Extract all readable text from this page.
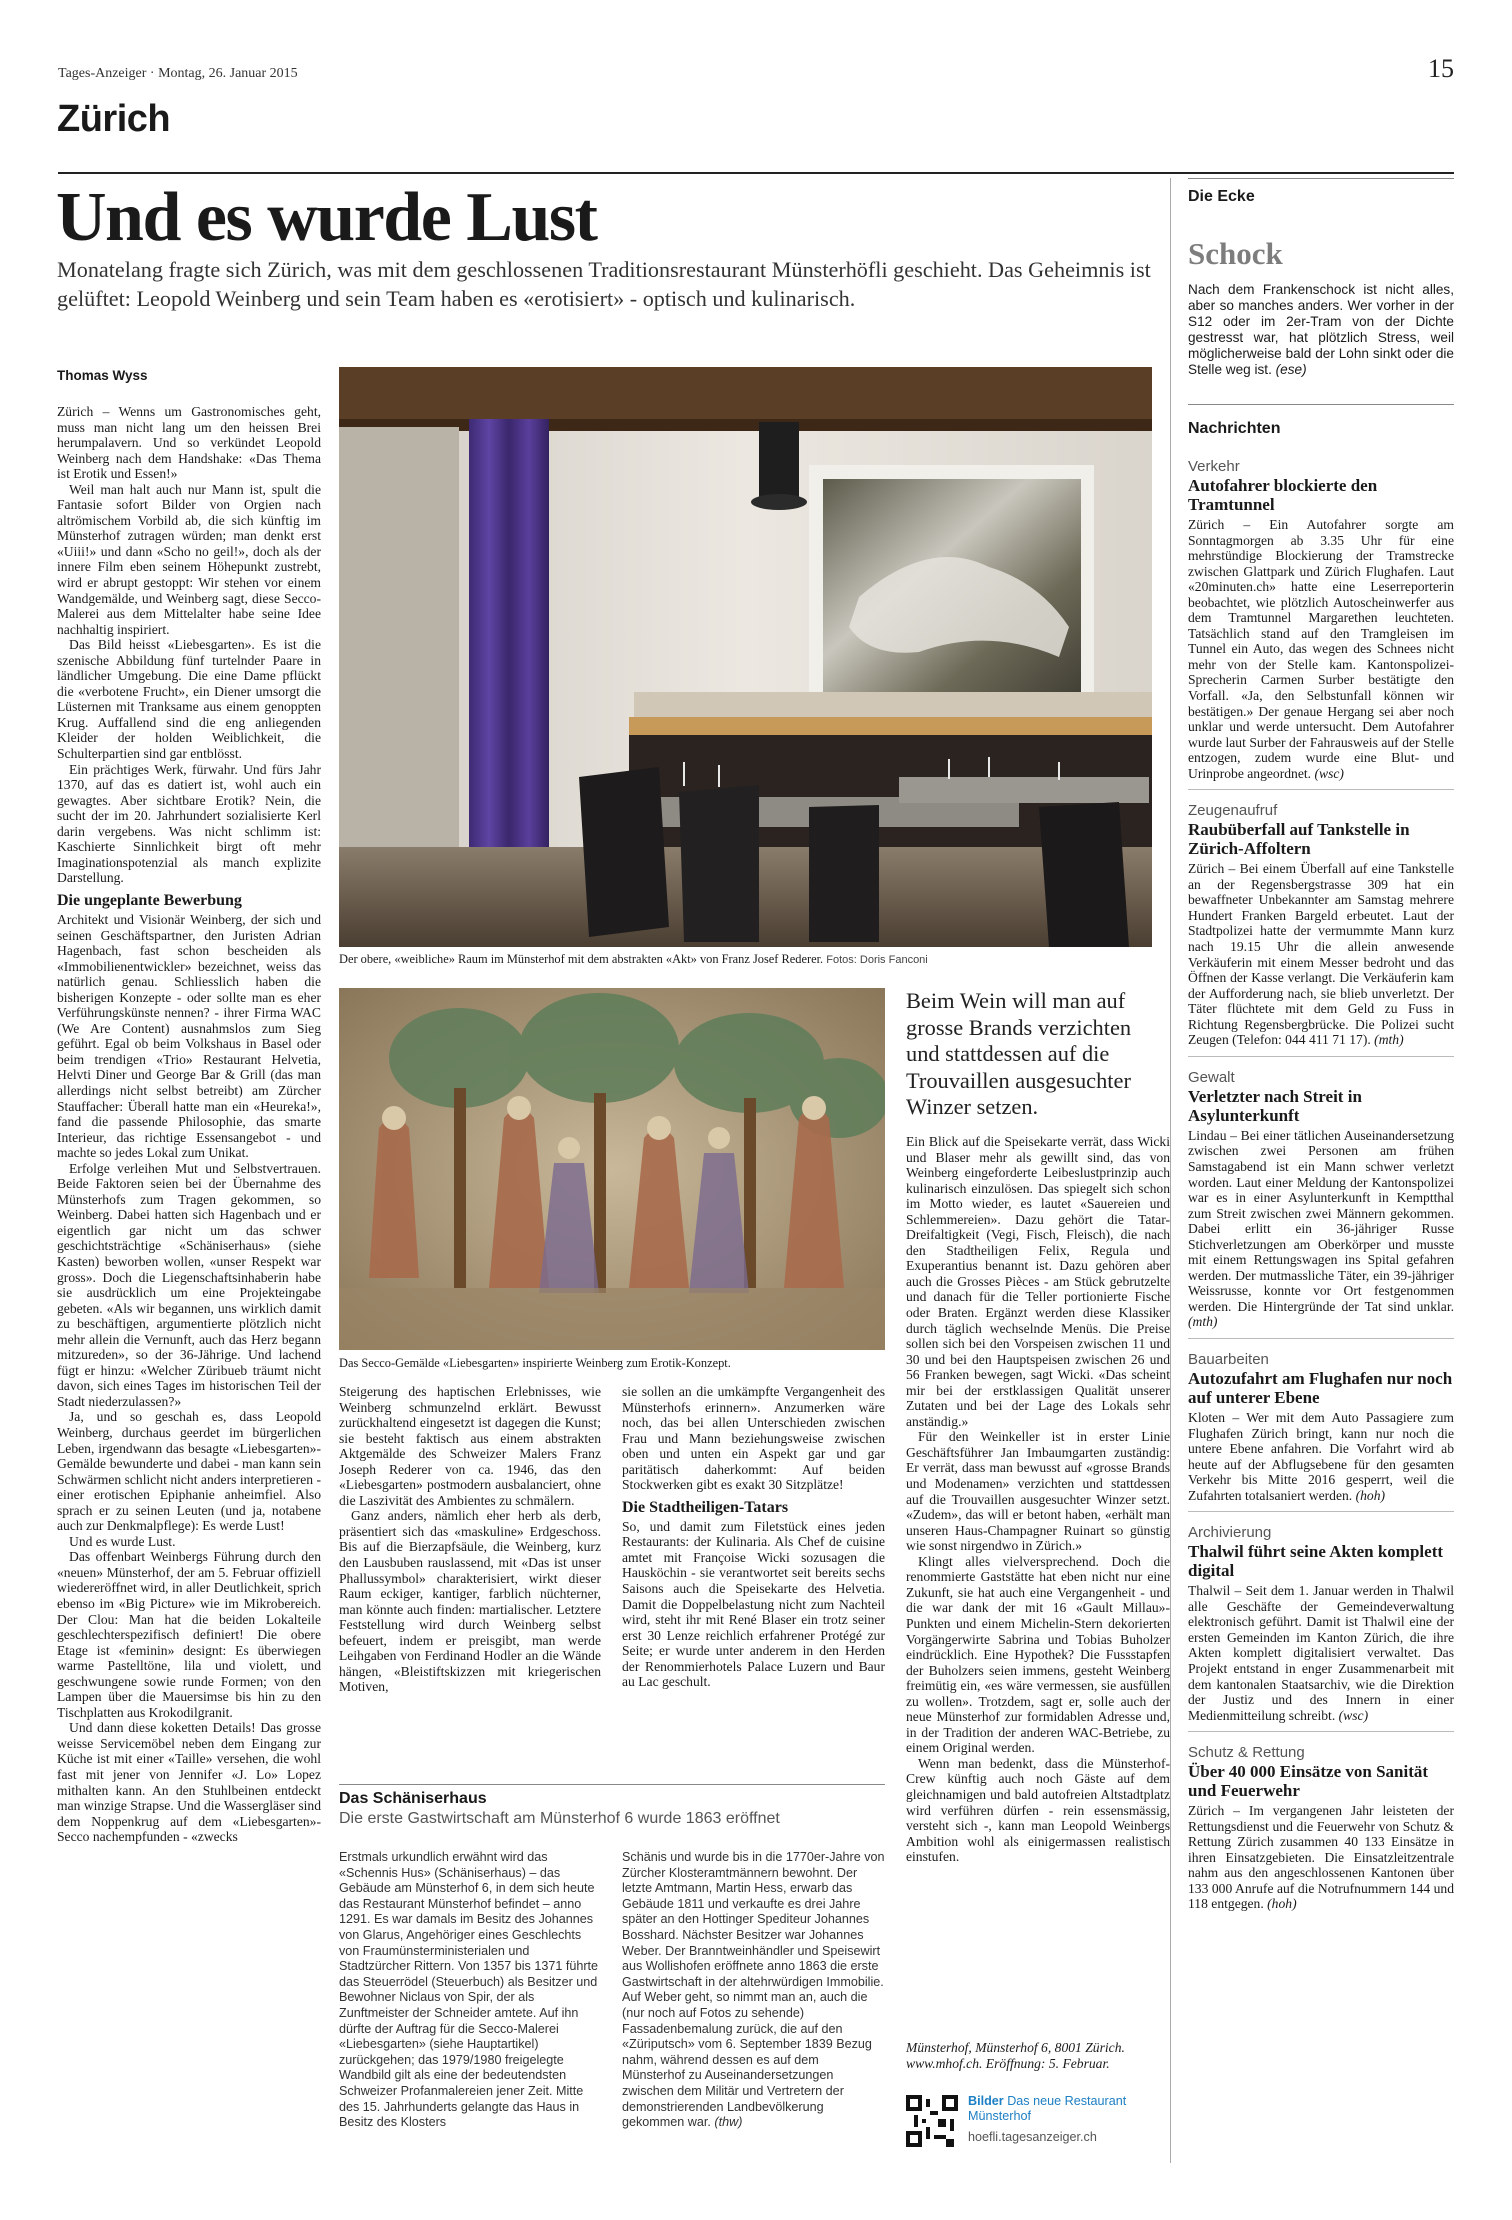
Tages-Anzeiger · Montag, 26. Januar 2015	15
Zürich
Und es wurde Lust
Monatelang fragte sich Zürich, was mit dem geschlossenen Traditionsrestaurant Münsterhöfli geschieht. Das Geheimnis ist gelüftet: Leopold Weinberg und sein Team haben es «erotisiert» - optisch und kulinarisch.
Thomas Wyss

Zürich – Wenns um Gastronomisches geht, muss man nicht lang um den heissen Brei herumpalavern. Und so verkündet Leopold Weinberg nach dem Handshake: «Das Thema ist Erotik und Essen!»

Weil man halt auch nur Mann ist, spult die Fantasie sofort Bilder von Orgien nach altrömischem Vorbild ab, die sich künftig im Münsterhof zutragen würden; man denkt erst «Uiii!» und dann «Scho no geil!», doch als der innere Film eben seinem Höhepunkt zustrebt, wird er abrupt gestoppt: Wir stehen vor einem Wandgemälde, und Weinberg sagt, diese Secco-Malerei aus dem Mittelalter habe seine Idee nachhaltig inspiriert.

Das Bild heisst «Liebesgarten». Es ist die szenische Abbildung fünf turtelnder Paare in ländlicher Umgebung. Die eine Dame pflückt die «verbotene Frucht», ein Diener umsorgt die Lüsternen mit Tranksame aus einem genoppten Krug. Auffallend sind die eng anliegenden Kleider der holden Weiblichkeit, die Schulterpartien sind gar entblösst.

Ein prächtiges Werk, fürwahr. Und fürs Jahr 1370, auf das es datiert ist, wohl auch ein gewagtes. Aber sichtbare Erotik? Nein, die sucht der im 20. Jahrhundert sozialisierte Kerl darin vergebens. Was nicht schlimm ist: Kaschierte Sinnlichkeit birgt oft mehr Imaginationspotenzial als manch explizite Darstellung.

Die ungeplante Bewerbung

Architekt und Visionär Weinberg, der sich und seinen Geschäftspartner, den Juristen Adrian Hagenbach, fast schon bescheiden als «Immobilienentwickler» bezeichnet, weiss das natürlich genau. Schliesslich haben die bisherigen Konzepte - oder sollte man es eher Verführungskünste nennen? - ihrer Firma WAC (We Are Content) ausnahmslos zum Sieg geführt. Egal ob beim Volkshaus in Basel oder beim trendigen «Trio» Restaurant Helvetia, Helvti Diner und George Bar & Grill (das man allerdings nicht selbst betreibt) am Zürcher Stauffacher: Überall hatte man ein «Heureka!», fand die passende Philosophie, das smarte Interieur, das richtige Essensangebot - und machte so jedes Lokal zum Unikat.

Erfolge verleihen Mut und Selbstvertrauen. Beide Faktoren seien bei der Übernahme des Münsterhofs zum Tragen gekommen, so Weinberg. Dabei hatten sich Hagenbach und er eigentlich gar nicht um das schwer geschichtsträchtige «Schäniserhaus» (siehe Kasten) beworben wollen, «unser Respekt war gross». Doch die Liegenschaftsinhaberin habe sie ausdrücklich um eine Projekteingabe gebeten. «Als wir begannen, uns wirklich damit zu beschäftigen, argumentierte plötzlich nicht mehr allein die Vernunft, auch das Herz begann mitzureden», so der 36-Jährige. Und lachend fügt er hinzu: «Welcher Züribueb träumt nicht davon, sich eines Tages im historischen Teil der Stadt niederzulassen?»

Ja, und so geschah es, dass Leopold Weinberg, durchaus geerdet im bürgerlichen Leben, irgendwann das besagte «Liebesgarten»-Gemälde bewunderte und dabei - man kann sein Schwärmen schlicht nicht anders interpretieren - einer erotischen Epiphanie anheimfiel. Also sprach er zu seinen Leuten (und ja, notabene auch zur Denkmalpflege): Es werde Lust!

Und es wurde Lust.

Das offenbart Weinbergs Führung durch den «neuen» Münsterhof, der am 5. Februar offiziell wiedereröffnet wird, in aller Deutlichkeit, sprich ebenso im «Big Picture» wie im Mikrobereich. Der Clou: Man hat die beiden Lokalteile geschlechterspezifisch definiert! Die obere Etage ist «feminin» designt: Es überwiegen warme Pastelltöne, lila und violett, und geschwungene sowie runde Formen; von den Lampen über die Mauersimse bis hin zu den Tischplatten aus Krokodilgranit.

Und dann diese koketten Details! Das grosse weisse Servicemöbel neben dem Eingang zur Küche ist mit einer «Taille» versehen, die wohl fast mit jener von Jennifer «J. Lo» Lopez mithalten kann. An den Stuhlbeinen entdeckt man winzige Strapse. Und die Wassergläser sind dem Noppenkrug auf dem «Liebesgarten»-Secco nachempfunden - «zwecks

Der obere, «weibliche» Raum im Münsterhof mit dem abstrakten «Akt» von Franz Josef Rederer. Fotos: Doris Fanconi
Das Secco-Gemälde «Liebesgarten» inspirierte Weinberg zum Erotik-Konzept.

Steigerung des haptischen Erlebnisses, wie Weinberg schmunzelnd erklärt. Bewusst zurückhaltend eingesetzt ist dagegen die Kunst; sie besteht faktisch aus einem abstrakten Aktgemälde des Schweizer Malers Franz Joseph Rederer von ca. 1946, das den «Liebesgarten» postmodern ausbalanciert, ohne die Laszivität des Ambientes zu schmälern.

Ganz anders, nämlich eher herb als derb, präsentiert sich das «maskuline» Erdgeschoss. Bis auf die Bierzapfsäule, die Weinberg, kurz den Lausbuben rauslassend, mit «Das ist unser Phallussymbol» charakterisiert, wirkt dieser Raum eckiger, kantiger, farblich nüchterner, man könnte auch finden: martialischer. Letztere Feststellung wird durch Weinberg selbst befeuert, indem er preisgibt, man werde Leihgaben von Ferdinand Hodler an die Wände hängen, «Bleistiftskizzen mit kriegerischen Motiven,

sie sollen an die umkämpfte Vergangenheit des Münsterhofs erinnern». Anzumerken wäre noch, das bei allen Unterschieden zwischen Frau und Mann beziehungsweise zwischen oben und unten ein Aspekt gar und gar paritätisch daherkommt: Auf beiden Stockwerken gibt es exakt 30 Sitzplätze!

Die Stadtheiligen-Tatars

So, und damit zum Filetstück eines jeden Restaurants: der Kulinaria. Als Chef de cuisine amtet mit Françoise Wicki sozusagen die Hausköchin - sie verantwortet seit bereits sechs Saisons auch die Speisekarte des Helvetia. Damit die Doppelbelastung nicht zum Nachteil wird, steht ihr mit René Blaser ein trotz seiner erst 30 Lenze reichlich erfahrener Protégé zur Seite; er wurde unter anderem in den Herden der Renommierhotels Palace Luzern und Baur au Lac geschult.

Beim Wein will man auf grosse Brands verzichten und stattdessen auf die Trouvaillen ausgesuchter Winzer setzen.

Ein Blick auf die Speisekarte verrät, dass Wicki und Blaser mehr als gewillt sind, das von Weinberg eingeforderte Leibeslustprinzip auch kulinarisch einzulösen. Das spiegelt sich schon im Motto wieder, es lautet «Sauereien und Schlemmereien». Dazu gehört die Tatar-Dreifaltigkeit (Vegi, Fisch, Fleisch), die nach den Stadtheiligen Felix, Regula und Exuperantius benannt ist. Dazu gehören aber auch die Grosses Pièces - am Stück gebrutzelte und danach für die Teller portionierte Fische oder Braten. Ergänzt werden diese Klassiker durch täglich wechselnde Menüs. Die Preise sollen sich bei den Vorspeisen zwischen 11 und 30 und bei den Hauptspeisen zwischen 26 und 56 Franken bewegen, sagt Wicki. «Das scheint mir bei der erstklassigen Qualität unserer Zutaten und bei der Lage des Lokals sehr anständig.»

Für den Weinkeller ist in erster Linie Geschäftsführer Jan Imbaumgarten zuständig: Er verrät, dass man bewusst auf «grosse Brands und Modenamen» verzichten und stattdessen auf die Trouvaillen ausgesuchter Winzer setzt. «Zudem», das will er betont haben, «erhält man unseren Haus-Champagner Ruinart so günstig wie sonst nirgendwo in Zürich.»

Klingt alles vielversprechend. Doch die renommierte Gaststätte hat eben nicht nur eine Zukunft, sie hat auch eine Vergangenheit - und die war dank der mit 16 «Gault Millau»-Punkten und einem Michelin-Stern dekorierten Vorgängerwirte Sabrina und Tobias Buholzer eindrücklich. Eine Hypothek? Die Fussstapfen der Buholzers seien immens, gesteht Weinberg freimütig ein, «es wäre vermessen, sie ausfüllen zu wollen». Trotzdem, sagt er, solle auch der neue Münsterhof zur formidablen Adresse und, in der Tradition der anderen WAC-Betriebe, zu einem Original werden.

Wenn man bedenkt, dass die Münsterhof-Crew künftig auch noch Gäste auf dem gleichnamigen und bald autofreien Altstadtplatz wird verführen dürfen - rein essensmässig, versteht sich -, kann man Leopold Weinbergs Ambition wohl als einigermassen realistisch einstufen.

Münsterhof, Münsterhof 6, 8001 Zürich. www.mhof.ch. Eröffnung: 5. Februar.
Bilder Das neue Restaurant Münsterhof
hoefli.tagesanzeiger.ch
Das Schäniserhaus
Die erste Gastwirtschaft am Münsterhof 6 wurde 1863 eröffnet

Erstmals urkundlich erwähnt wird das «Schennis Hus» (Schäniserhaus) – das Gebäude am Münsterhof 6, in dem sich heute das Restaurant Münsterhof befindet – anno 1291. Es war damals im Besitz des Johannes von Glarus, Angehöriger eines Geschlechts von Fraumünsterministerialen und Stadtzürcher Rittern. Von 1357 bis 1371 führte das Steuerrödel (Steuerbuch) als Besitzer und Bewohner Niclaus von Spir, der als Zunftmeister der Schneider amtete. Auf ihn dürfte der Auftrag für die Secco-Malerei «Liebesgarten» (siehe Hauptartikel) zurückgehen; das 1979/1980 freigelegte Wandbild gilt als eine der bedeutendsten Schweizer Profanmalereien jener Zeit. Mitte des 15. Jahrhunderts gelangte das Haus in Besitz des Klosters

Schänis und wurde bis in die 1770er-Jahre von Zürcher Klosteramtmännern bewohnt. Der letzte Amtmann, Martin Hess, erwarb das Gebäude 1811 und verkaufte es drei Jahre später an den Hottinger Spediteur Johannes Bosshard. Nächster Besitzer war Johannes Weber. Der Branntweinhändler und Speisewirt aus Wollishofen eröffnete anno 1863 die erste Gastwirtschaft in der altehrwürdigen Immobilie. Auf Weber geht, so nimmt man an, auch die (nur noch auf Fotos zu sehende) Fassadenbemalung zurück, die auf den «Züriputsch» vom 6. September 1839 Bezug nahm, während dessen es auf dem Münsterhof zu Auseinandersetzungen zwischen dem Militär und Vertretern der demonstrierenden Landbevölkerung gekommen war. (thw)

Die Ecke
Schock
Nach dem Frankenschock ist nicht alles, aber so manches anders. Wer vorher in der S12 oder im 2er-Tram von der Dichte gestresst war, hat plötzlich Stress, weil möglicherweise bald der Lohn sinkt oder die Stelle weg ist. (ese)
Nachrichten
Verkehr
Autofahrer blockierte den Tramtunnel
Zürich – Ein Autofahrer sorgte am Sonntagmorgen ab 3.35 Uhr für eine mehrstündige Blockierung der Tramstrecke zwischen Glattpark und Zürich Flughafen. Laut «20minuten.ch» hatte eine Leserreporterin beobachtet, wie plötzlich Autoscheinwerfer aus dem Tramtunnel Margarethen leuchteten. Tatsächlich stand auf den Tramgleisen im Tunnel ein Auto, das wegen des Schnees nicht mehr von der Stelle kam. Kantonspolizei-Sprecherin Carmen Surber bestätigte den Vorfall. «Ja, den Selbstunfall können wir bestätigen.» Der genaue Hergang sei aber noch unklar und werde untersucht. Dem Autofahrer wurde laut Surber der Fahrausweis auf der Stelle entzogen, zudem wurde eine Blut- und Urinprobe angeordnet. (wsc)
Zeugenaufruf
Raubüberfall auf Tankstelle in Zürich-Affoltern
Zürich – Bei einem Überfall auf eine Tankstelle an der Regensbergstrasse 309 hat ein bewaffneter Unbekannter am Samstag mehrere Hundert Franken Bargeld erbeutet. Laut der Stadtpolizei hatte der vermummte Mann kurz nach 19.15 Uhr die allein anwesende Verkäuferin mit einem Messer bedroht und das Öffnen der Kasse verlangt. Die Verkäuferin kam der Aufforderung nach, sie blieb unverletzt. Der Täter flüchtete mit dem Geld zu Fuss in Richtung Regensbergbrücke. Die Polizei sucht Zeugen (Telefon: 044 411 71 17). (mth)
Gewalt
Verletzter nach Streit in Asylunterkunft
Lindau – Bei einer tätlichen Auseinandersetzung zwischen zwei Personen am frühen Samstagabend ist ein Mann schwer verletzt worden. Laut einer Meldung der Kantonspolizei war es in einer Asylunterkunft in Kemptthal zum Streit zwischen zwei Männern gekommen. Dabei erlitt ein 36-jähriger Russe Stichverletzungen am Oberkörper und musste mit einem Rettungswagen ins Spital gefahren werden. Der mutmassliche Täter, ein 39-jähriger Weissrusse, konnte vor Ort festgenommen werden. Die Hintergründe der Tat sind unklar. (mth)
Bauarbeiten
Autozufahrt am Flughafen nur noch auf unterer Ebene
Kloten – Wer mit dem Auto Passagiere zum Flughafen Zürich bringt, kann nur noch die untere Ebene anfahren. Die Vorfahrt wird ab heute auf der Abflugsebene für den gesamten Verkehr bis Mitte 2016 gesperrt, weil die Zufahrten totalsaniert werden. (hoh)
Archivierung
Thalwil führt seine Akten komplett digital
Thalwil – Seit dem 1. Januar werden in Thalwil alle Geschäfte der Gemeindeverwaltung elektronisch geführt. Damit ist Thalwil eine der ersten Gemeinden im Kanton Zürich, die ihre Akten komplett digitalisiert verwaltet. Das Projekt entstand in enger Zusammenarbeit mit dem kantonalen Staatsarchiv, wie die Direktion der Justiz und des Innern in einer Medienmitteilung schreibt. (wsc)
Schutz & Rettung
Über 40 000 Einsätze von Sanität und Feuerwehr
Zürich – Im vergangenen Jahr leisteten der Rettungsdienst und die Feuerwehr von Schutz & Rettung Zürich zusammen 40 133 Einsätze in ihren Einsatzgebieten. Die Einsatzleitzentrale nahm aus den angeschlossenen Kantonen über 133 000 Anrufe auf die Notrufnummern 144 und 118 entgegen. (hoh)
